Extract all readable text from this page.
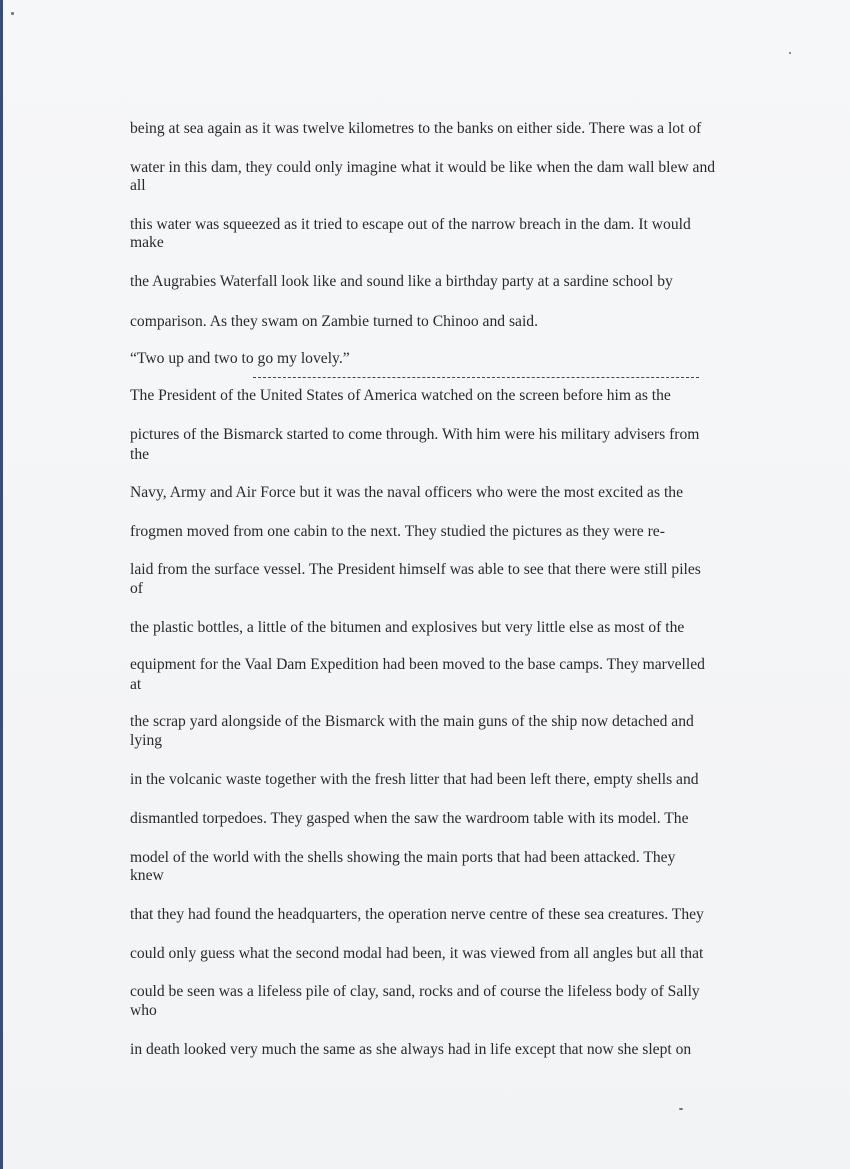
being at sea again as it was twelve kilometres to the banks on either side. There was a lot of
water in this dam, they could only imagine what it would be like when the dam wall blew and
all
this water was squeezed as it tried to escape out of the narrow breach in the dam. It would
make
the Augrabies Waterfall look like and sound like a birthday party at a sardine school by
comparison. As they swam on Zambie turned to Chinoo and said.
“Two up and two to go my lovely.”
The President of the United States of America watched on the screen before him as the
pictures of the Bismarck started to come through. With him were his military advisers from
the
Navy, Army and Air Force but it was the naval officers who were the most excited as the
frogmen moved from one cabin to the next. They studied the pictures as they were re-
laid from the surface vessel. The President himself was able to see that there were still piles
of
the plastic bottles, a little of the bitumen and explosives but very little else as most of the
equipment for the Vaal Dam Expedition had been moved to the base camps. They marvelled
at
the scrap yard alongside of the Bismarck with the main guns of the ship now detached and
lying
in the volcanic waste together with the fresh litter that had been left there, empty shells and
dismantled torpedoes. They gasped when the saw the wardroom table with its model. The
model of the world with the shells showing the main ports that had been attacked. They
knew
that they had found the headquarters, the operation nerve centre of these sea creatures. They
could only guess what the second modal had been, it was viewed from all angles but all that
could be seen was a lifeless pile of clay, sand, rocks and of course the lifeless body of Sally
who
in death looked very much the same as she always had in life except that now she slept on
